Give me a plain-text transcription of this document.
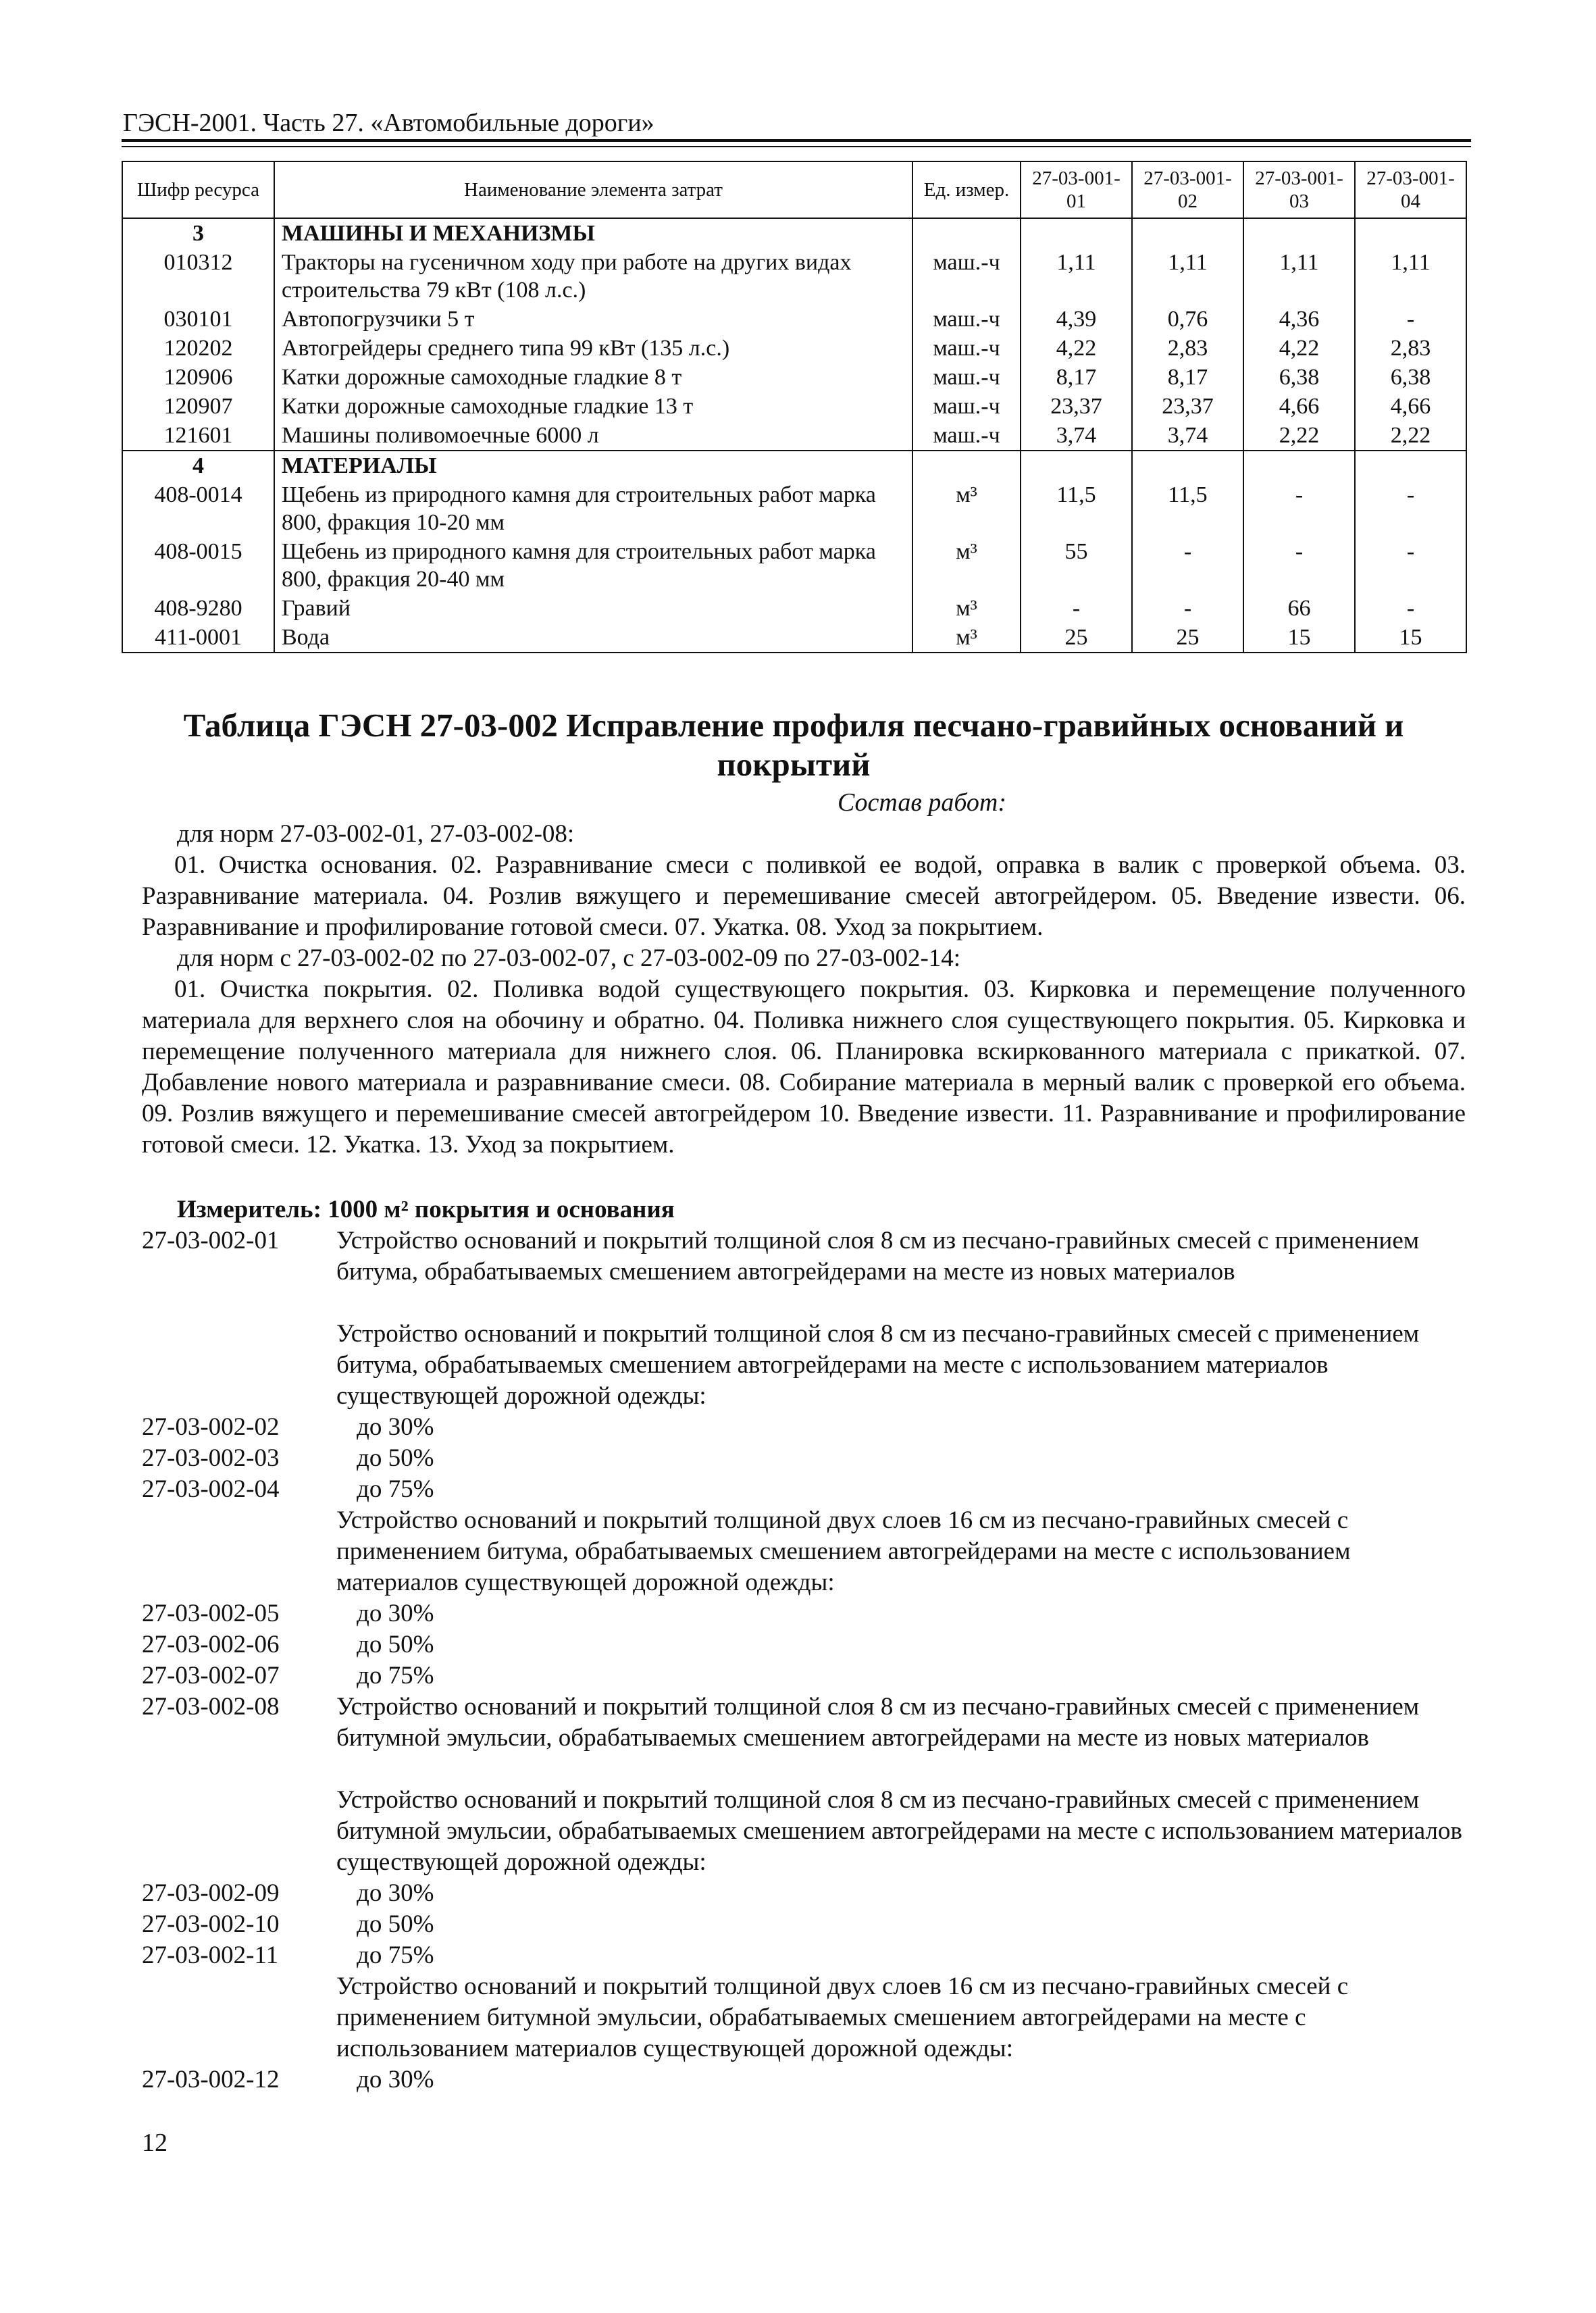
ГЭСН-2001. Часть 27. «Автомобильные дороги»
Шифр ресурса	Наименование элемента затрат	Ед. измер.	27-03-001-01	27-03-001-02	27-03-001-03	27-03-001-04
3	МАШИНЫ И МЕХАНИЗМЫ					
010312	Тракторы на гусеничном ходу при работе на других видах строительства 79 кВт (108 л.с.)	маш.-ч	1,11	1,11	1,11	1,11
030101	Автопогрузчики 5 т	маш.-ч	4,39	0,76	4,36	-
120202	Автогрейдеры среднего типа 99 кВт (135 л.с.)	маш.-ч	4,22	2,83	4,22	2,83
120906	Катки дорожные самоходные гладкие 8 т	маш.-ч	8,17	8,17	6,38	6,38
120907	Катки дорожные самоходные гладкие 13 т	маш.-ч	23,37	23,37	4,66	4,66
121601	Машины поливомоечные 6000 л	маш.-ч	3,74	3,74	2,22	2,22
4	МАТЕРИАЛЫ					
408-0014	Щебень из природного камня для строительных работ марка 800, фракция 10-20 мм	м³	11,5	11,5	-	-
408-0015	Щебень из природного камня для строительных работ марка 800, фракция 20-40 мм	м³	55	-	-	-
408-9280	Гравий	м³	-	-	66	-
411-0001	Вода	м³	25	25	15	15
Таблица ГЭСН 27-03-002 Исправление профиля песчано-гравийных оснований и покрытий
Состав работ:
для норм 27-03-002-01, 27-03-002-08:
01. Очистка основания. 02. Разравнивание смеси с поливкой ее водой, оправка в валик с проверкой объема. 03. Разравнивание материала. 04. Розлив вяжущего и перемешивание смесей автогрейдером. 05. Введение извести. 06. Разравнивание и профилирование готовой смеси. 07. Укатка. 08. Уход за покрытием.
для норм с 27-03-002-02 по 27-03-002-07, с 27-03-002-09 по 27-03-002-14:
01. Очистка покрытия. 02. Поливка водой существующего покрытия. 03. Кирковка и перемещение полученного материала для верхнего слоя на обочину и обратно. 04. Поливка нижнего слоя существующего покрытия. 05. Кирковка и перемещение полученного материала для нижнего слоя. 06. Планировка вскиркованного материала с прикаткой. 07. Добавление нового материала и разравнивание смеси. 08. Собирание материала в мерный валик с проверкой его объема. 09. Розлив вяжущего и перемешивание смесей автогрейдером 10. Введение извести. 11. Разравнивание и профилирование готовой смеси. 12. Укатка. 13. Уход за покрытием.
Измеритель: 1000 м² покрытия и основания
27-03-002-01	Устройство оснований и покрытий толщиной слоя 8 см из песчано-гравийных смесей с применением битума, обрабатываемых смешением автогрейдерами на месте из новых материалов
Устройство оснований и покрытий толщиной слоя 8 см из песчано-гравийных смесей с применением битума, обрабатываемых смешением автогрейдерами на месте с использованием материалов существующей дорожной одежды:
27-03-002-02	до 30%
27-03-002-03	до 50%
27-03-002-04	до 75%
Устройство оснований и покрытий толщиной двух слоев 16 см из песчано-гравийных смесей с применением битума, обрабатываемых смешением автогрейдерами на месте с использованием материалов существующей дорожной одежды:
27-03-002-05	до 30%
27-03-002-06	до 50%
27-03-002-07	до 75%
27-03-002-08	Устройство оснований и покрытий толщиной слоя 8 см из песчано-гравийных смесей с применением битумной эмульсии, обрабатываемых смешением автогрейдерами на месте из новых материалов
Устройство оснований и покрытий толщиной слоя 8 см из песчано-гравийных смесей с применением битумной эмульсии, обрабатываемых смешением автогрейдерами на месте с использованием материалов существующей дорожной одежды:
27-03-002-09	до 30%
27-03-002-10	до 50%
27-03-002-11	до 75%
Устройство оснований и покрытий толщиной двух слоев 16 см из песчано-гравийных смесей с применением битумной эмульсии, обрабатываемых смешением автогрейдерами на месте с использованием материалов существующей дорожной одежды:
27-03-002-12	до 30%
12
